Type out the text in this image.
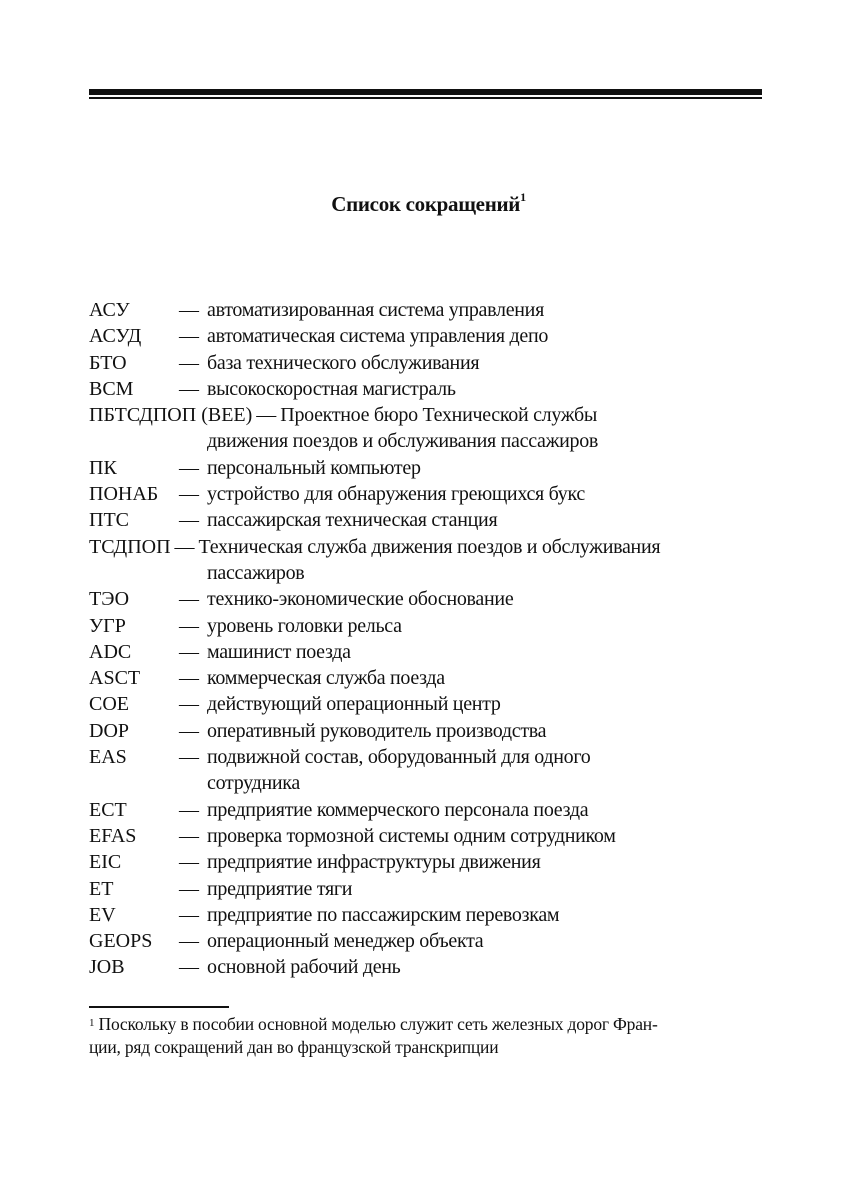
Список сокращений$^1$
АСУ — автоматизированная система управления
АСУД — автоматическая система управления депо
БТО	— база технического обслуживания
ВСМ — высокоскоростная магистраль
ПБТСДПОП (BEE) — Проектное бюро Технической службы
движения поездов и обслуживания пассажиров
ПК	— персональный компьютер
ПОНАБ — устройство для обнаружения греющихся букс
ПТС	— пассажирская техническая станция
ТСДПОП — Техническая служба движения поездов и обслуживания
пассажиров
ТЭО — технико-экономические обоснование
УГР	— уровень головки рельса
ADC — машинист поезда
ASCT — коммерческая служба поезда
COE	— действующий операционный центр
DOP — оперативный руководитель производства
EAS	— подвижной состав, оборудованный для одного
сотрудника
ECT	— предприятие коммерческого персонала поезда
EFAS — проверка тормозной системы одним сотрудником
EIC	— предприятие инфраструктуры движения
ET	— предприятие тяги
EV	— предприятие по пассажирским перевозкам
GEOPS — операционный менеджер объекта
JOB	— основной рабочий день
$^1$ Поскольку в пособии основной моделью служит сеть железных дорог Фран-
ции, ряд сокращений дан во французской транскрипции
